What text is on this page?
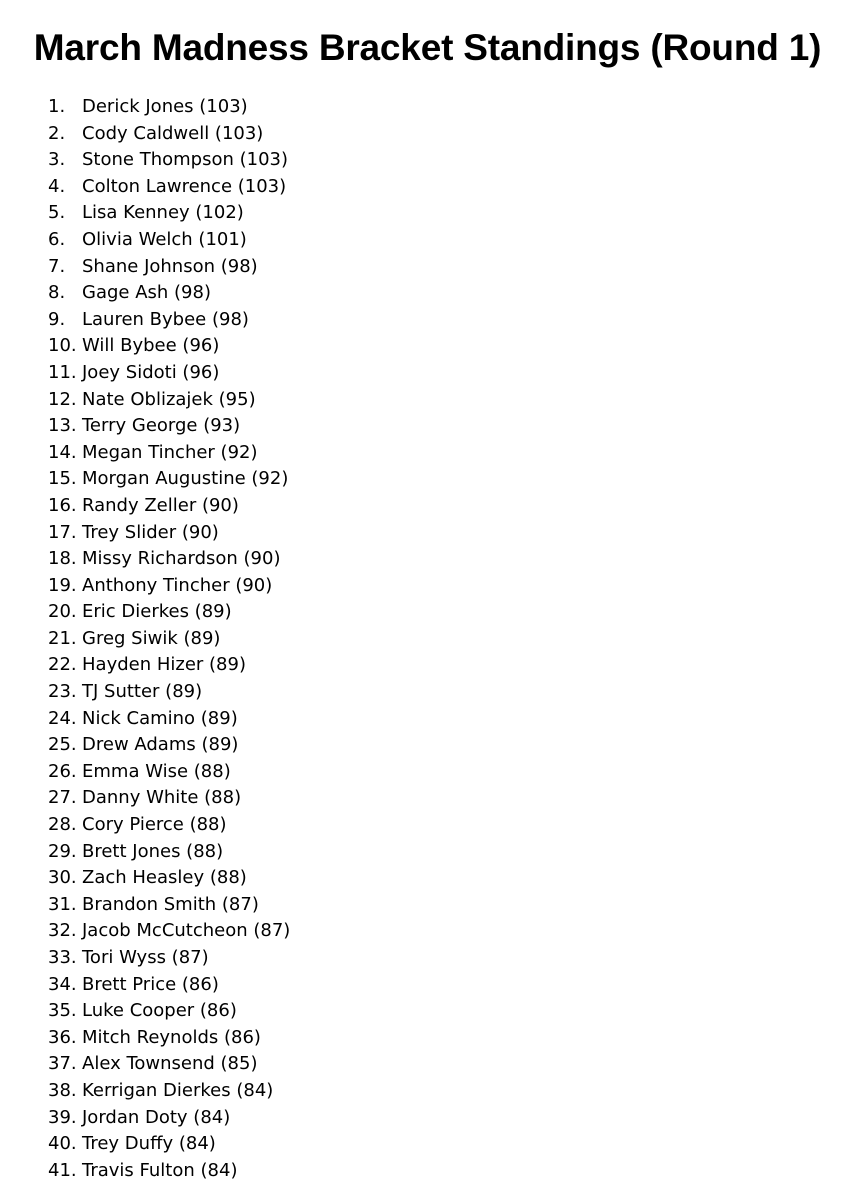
March Madness Bracket Standings (Round 1)
1. Derick Jones (103)
2. Cody Caldwell (103)
3. Stone Thompson (103)
4. Colton Lawrence (103)
5. Lisa Kenney (102)
6. Olivia Welch (101)
7. Shane Johnson (98)
8. Gage Ash (98)
9. Lauren Bybee (98)
10. Will Bybee (96)
11. Joey Sidoti (96)
12. Nate Oblizajek (95)
13. Terry George (93)
14. Megan Tincher (92)
15. Morgan Augustine (92)
16. Randy Zeller (90)
17. Trey Slider (90)
18. Missy Richardson (90)
19. Anthony Tincher (90)
20. Eric Dierkes (89)
21. Greg Siwik (89)
22. Hayden Hizer (89)
23. TJ Sutter (89)
24. Nick Camino (89)
25. Drew Adams (89)
26. Emma Wise (88)
27. Danny White (88)
28. Cory Pierce (88)
29. Brett Jones (88)
30. Zach Heasley (88)
31. Brandon Smith (87)
32. Jacob McCutcheon (87)
33. Tori Wyss (87)
34. Brett Price (86)
35. Luke Cooper (86)
36. Mitch Reynolds (86)
37. Alex Townsend (85)
38. Kerrigan Dierkes (84)
39. Jordan Doty (84)
40. Trey Duffy (84)
41. Travis Fulton (84)
